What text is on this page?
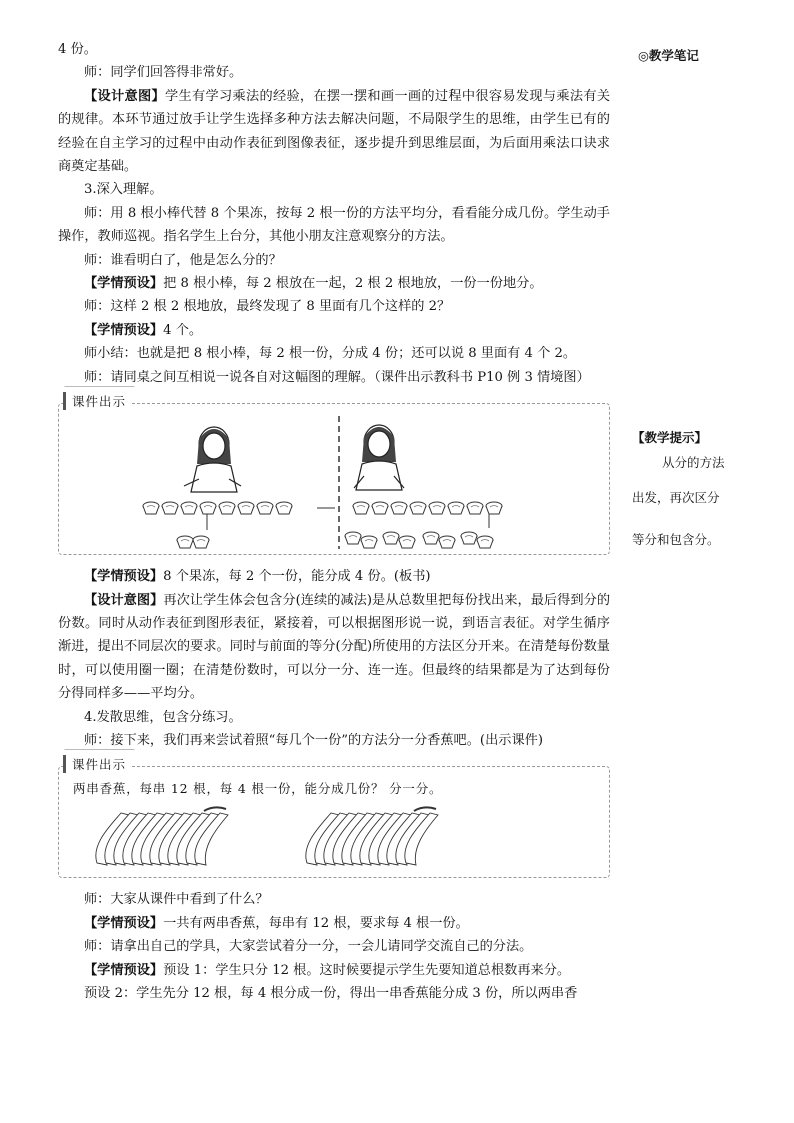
◎教学笔记
【教学提示】
从分的方法
出发，再次区分
等分和包含分。

4 份。

师：同学们回答得非常好。

【设计意图】学生有学习乘法的经验，在摆一摆和画一画的过程中很容易发现与乘法有关的规律。本环节通过放手让学生选择多种方法去解决问题，不局限学生的思维，由学生已有的经验在自主学习的过程中由动作表征到图像表征，逐步提升到思维层面，为后面用乘法口诀求商奠定基础。

3.深入理解。

师：用 8 根小棒代替 8 个果冻，按每 2 根一份的方法平均分，看看能分成几份。学生动手操作，教师巡视。指名学生上台分，其他小朋友注意观察分的方法。

师：谁看明白了，他是怎么分的？

【学情预设】把 8 根小棒，每 2 根放在一起，2 根 2 根地放，一份一份地分。

师：这样 2 根 2 根地放，最终发现了 8 里面有几个这样的 2？

【学情预设】4 个。

师小结：也就是把 8 根小棒，每 2 根一份，分成 4 份；还可以说 8 里面有 4 个 2。

师：请同桌之间互相说一说各自对这幅图的理解。（课件出示教科书 P10 例 3 情境图）

课件出示

【学情预设】8 个果冻，每 2 个一份，能分成 4 份。(板书)

【设计意图】再次让学生体会包含分(连续的减法)是从总数里把每份找出来，最后得到分的份数。同时从动作表征到图形表征，紧接着，可以根据图形说一说，到语言表征。对学生循序渐进，提出不同层次的要求。同时与前面的等分(分配)所使用的方法区分开来。在清楚每份数量时，可以使用圈一圈；在清楚份数时，可以分一分、连一连。但最终的结果都是为了达到每份分得同样多——平均分。

4.发散思维，包含分练习。

师：接下来，我们再来尝试着照“每几个一份”的方法分一分香蕉吧。(出示课件)

课件出示
两串香蕉，每串 12 根，每 4 根一份，能分成几份？ 分一分。

师：大家从课件中看到了什么？

【学情预设】一共有两串香蕉，每串有 12 根，要求每 4 根一份。

师：请拿出自己的学具，大家尝试着分一分，一会儿请同学交流自己的分法。

【学情预设】预设 1：学生只分 12 根。这时候要提示学生先要知道总根数再来分。

预设 2：学生先分 12 根，每 4 根分成一份，得出一串香蕉能分成 3 份，所以两串香
